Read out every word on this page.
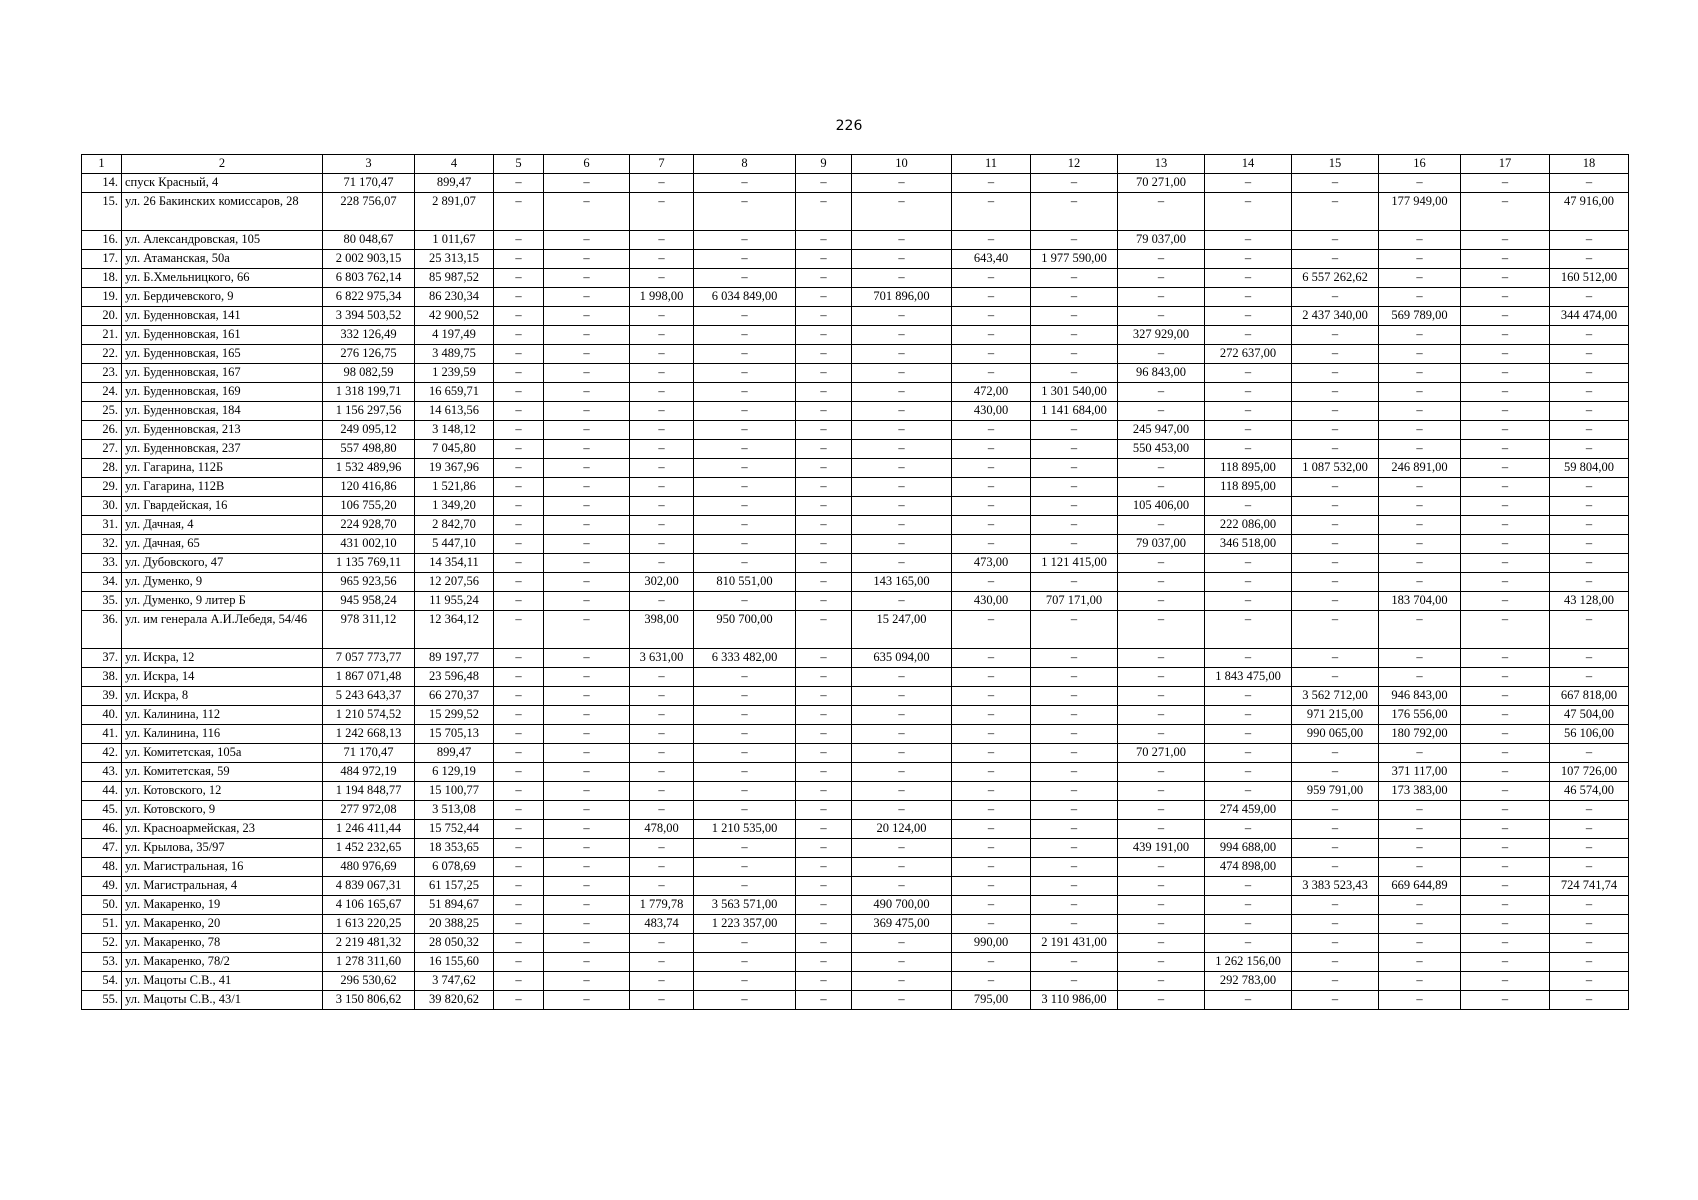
226
1	2	3	4	5	6	7	8	9	10	11	12	13	14	15	16	17	18
14.	спуск Красный, 4	71 170,47	899,47	–	–	–	–	–	–	–	–	70 271,00	–	–	–	–	–
15.	ул. 26 Бакинских комиссаров, 28	228 756,07	2 891,07	–	–	–	–	–	–	–	–	–	–	–	177 949,00	–	47 916,00
16.	ул. Александровская, 105	80 048,67	1 011,67	–	–	–	–	–	–	–	–	79 037,00	–	–	–	–	–
17.	ул. Атаманская, 50а	2 002 903,15	25 313,15	–	–	–	–	–	–	643,40	1 977 590,00	–	–	–	–	–	–
18.	ул. Б.Хмельницкого, 66	6 803 762,14	85 987,52	–	–	–	–	–	–	–	–	–	–	6 557 262,62	–	–	160 512,00
19.	ул. Бердичевского, 9	6 822 975,34	86 230,34	–	–	1 998,00	6 034 849,00	–	701 896,00	–	–	–	–	–	–	–	–
20.	ул. Буденновская, 141	3 394 503,52	42 900,52	–	–	–	–	–	–	–	–	–	–	2 437 340,00	569 789,00	–	344 474,00
21.	ул. Буденновская, 161	332 126,49	4 197,49	–	–	–	–	–	–	–	–	327 929,00	–	–	–	–	–
22.	ул. Буденновская, 165	276 126,75	3 489,75	–	–	–	–	–	–	–	–	–	272 637,00	–	–	–	–
23.	ул. Буденновская, 167	98 082,59	1 239,59	–	–	–	–	–	–	–	–	96 843,00	–	–	–	–	–
24.	ул. Буденновская, 169	1 318 199,71	16 659,71	–	–	–	–	–	–	472,00	1 301 540,00	–	–	–	–	–	–
25.	ул. Буденновская, 184	1 156 297,56	14 613,56	–	–	–	–	–	–	430,00	1 141 684,00	–	–	–	–	–	–
26.	ул. Буденновская, 213	249 095,12	3 148,12	–	–	–	–	–	–	–	–	245 947,00	–	–	–	–	–
27.	ул. Буденновская, 237	557 498,80	7 045,80	–	–	–	–	–	–	–	–	550 453,00	–	–	–	–	–
28.	ул. Гагарина, 112Б	1 532 489,96	19 367,96	–	–	–	–	–	–	–	–	–	118 895,00	1 087 532,00	246 891,00	–	59 804,00
29.	ул. Гагарина, 112В	120 416,86	1 521,86	–	–	–	–	–	–	–	–	–	118 895,00	–	–	–	–
30.	ул. Гвардейская, 16	106 755,20	1 349,20	–	–	–	–	–	–	–	–	105 406,00	–	–	–	–	–
31.	ул. Дачная, 4	224 928,70	2 842,70	–	–	–	–	–	–	–	–	–	222 086,00	–	–	–	–
32.	ул. Дачная, 65	431 002,10	5 447,10	–	–	–	–	–	–	–	–	79 037,00	346 518,00	–	–	–	–
33.	ул. Дубовского, 47	1 135 769,11	14 354,11	–	–	–	–	–	–	473,00	1 121 415,00	–	–	–	–	–	–
34.	ул. Думенко, 9	965 923,56	12 207,56	–	–	302,00	810 551,00	–	143 165,00	–	–	–	–	–	–	–	–
35.	ул. Думенко, 9 литер Б	945 958,24	11 955,24	–	–	–	–	–	–	430,00	707 171,00	–	–	–	183 704,00	–	43 128,00
36.	ул. им генерала А.И.Лебедя, 54/46	978 311,12	12 364,12	–	–	398,00	950 700,00	–	15 247,00	–	–	–	–	–	–	–	–
37.	ул. Искра, 12	7 057 773,77	89 197,77	–	–	3 631,00	6 333 482,00	–	635 094,00	–	–	–	–	–	–	–	–
38.	ул. Искра, 14	1 867 071,48	23 596,48	–	–	–	–	–	–	–	–	–	1 843 475,00	–	–	–	–
39.	ул. Искра, 8	5 243 643,37	66 270,37	–	–	–	–	–	–	–	–	–	–	3 562 712,00	946 843,00	–	667 818,00
40.	ул. Калинина, 112	1 210 574,52	15 299,52	–	–	–	–	–	–	–	–	–	–	971 215,00	176 556,00	–	47 504,00
41.	ул. Калинина, 116	1 242 668,13	15 705,13	–	–	–	–	–	–	–	–	–	–	990 065,00	180 792,00	–	56 106,00
42.	ул. Комитетская, 105а	71 170,47	899,47	–	–	–	–	–	–	–	–	70 271,00	–	–	–	–	–
43.	ул. Комитетская, 59	484 972,19	6 129,19	–	–	–	–	–	–	–	–	–	–	–	371 117,00	–	107 726,00
44.	ул. Котовского, 12	1 194 848,77	15 100,77	–	–	–	–	–	–	–	–	–	–	959 791,00	173 383,00	–	46 574,00
45.	ул. Котовского, 9	277 972,08	3 513,08	–	–	–	–	–	–	–	–	–	274 459,00	–	–	–	–
46.	ул. Красноармейская, 23	1 246 411,44	15 752,44	–	–	478,00	1 210 535,00	–	20 124,00	–	–	–	–	–	–	–	–
47.	ул. Крылова, 35/97	1 452 232,65	18 353,65	–	–	–	–	–	–	–	–	439 191,00	994 688,00	–	–	–	–
48.	ул. Магистральная, 16	480 976,69	6 078,69	–	–	–	–	–	–	–	–	–	474 898,00	–	–	–	–
49.	ул. Магистральная, 4	4 839 067,31	61 157,25	–	–	–	–	–	–	–	–	–	–	3 383 523,43	669 644,89	–	724 741,74
50.	ул. Макаренко, 19	4 106 165,67	51 894,67	–	–	1 779,78	3 563 571,00	–	490 700,00	–	–	–	–	–	–	–	–
51.	ул. Макаренко, 20	1 613 220,25	20 388,25	–	–	483,74	1 223 357,00	–	369 475,00	–	–	–	–	–	–	–	–
52.	ул. Макаренко, 78	2 219 481,32	28 050,32	–	–	–	–	–	–	990,00	2 191 431,00	–	–	–	–	–	–
53.	ул. Макаренко, 78/2	1 278 311,60	16 155,60	–	–	–	–	–	–	–	–	–	1 262 156,00	–	–	–	–
54.	ул. Мацоты С.В., 41	296 530,62	3 747,62	–	–	–	–	–	–	–	–	–	292 783,00	–	–	–	–
55.	ул. Мацоты С.В., 43/1	3 150 806,62	39 820,62	–	–	–	–	–	–	795,00	3 110 986,00	–	–	–	–	–	–
